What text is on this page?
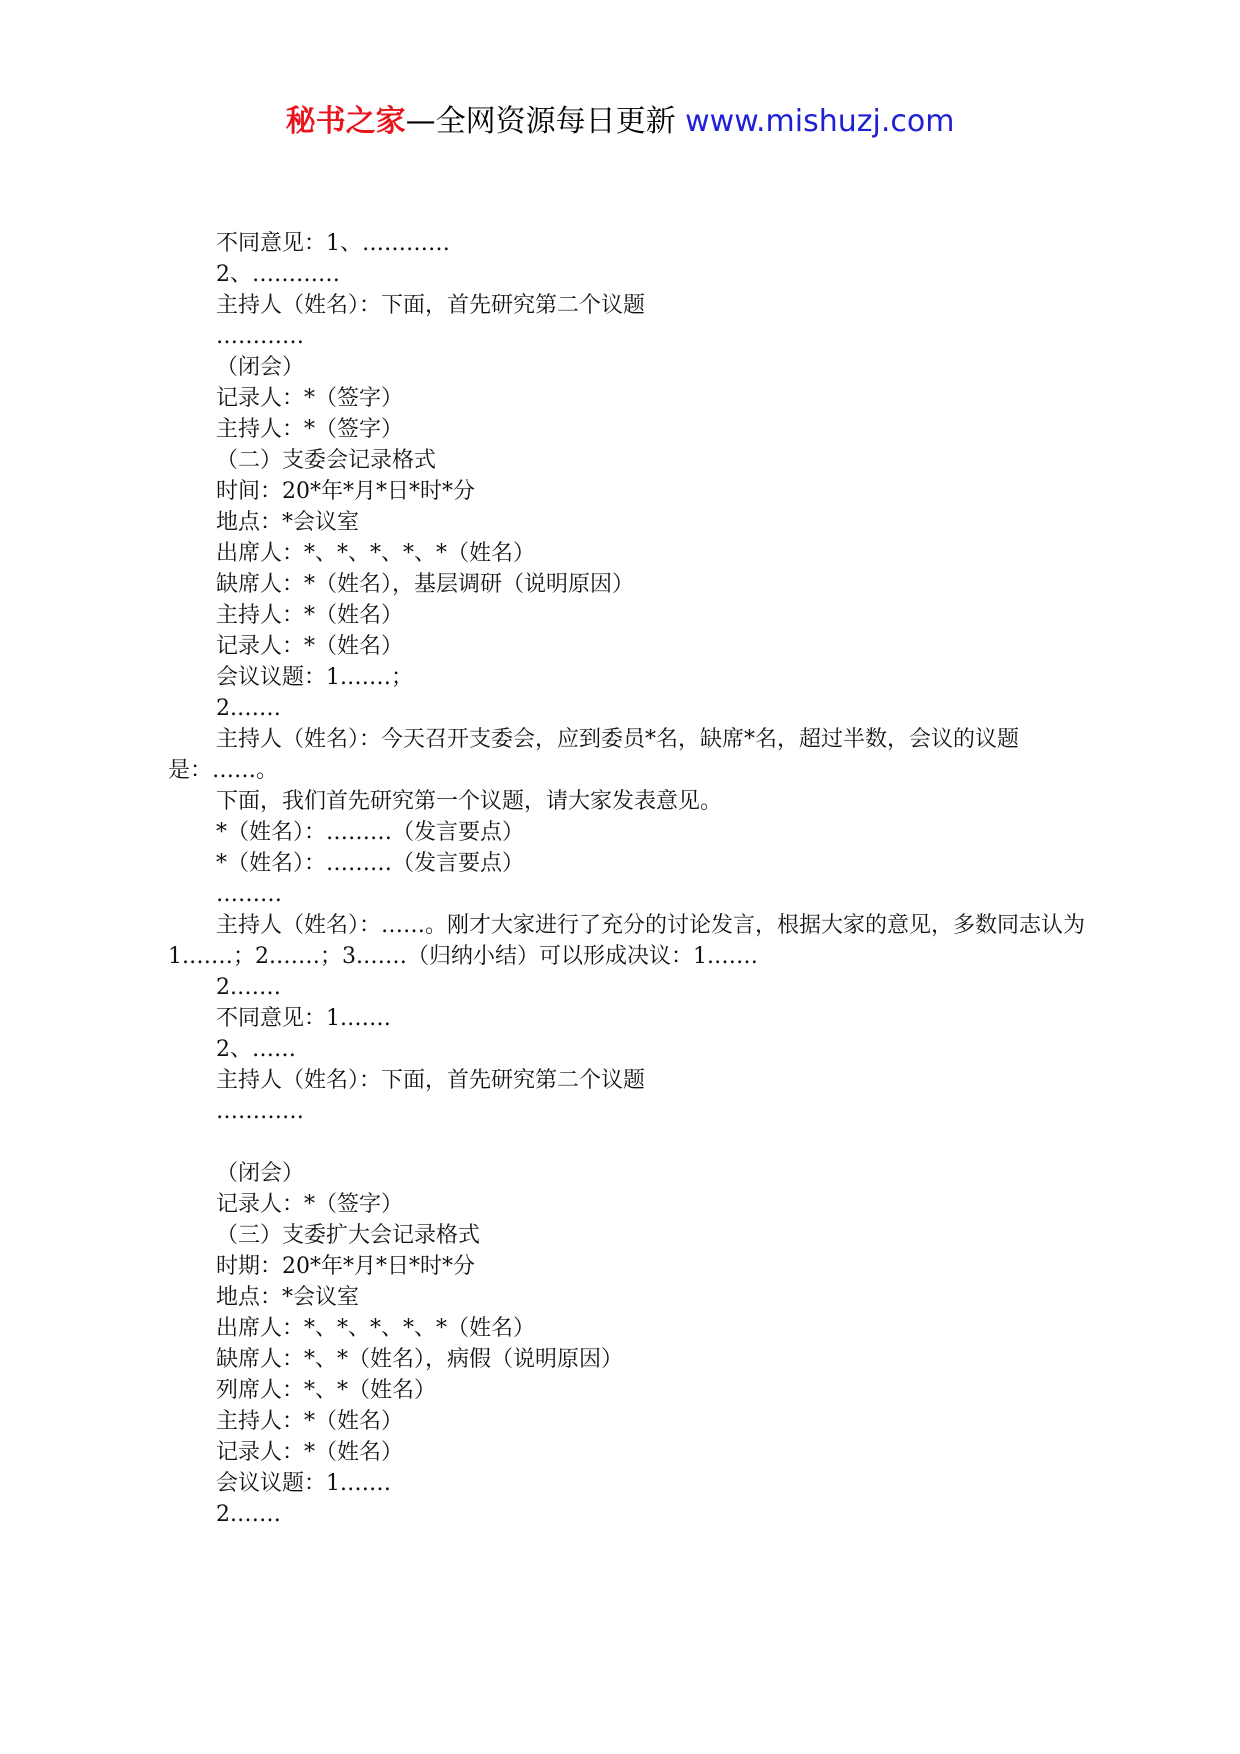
秘书之家—全网资源每日更新 www.mishuzj.com

不同意见：1、…………

2、…………

主持人（姓名）：下面，首先研究第二个议题

…………

（闭会）

记录人：*（签字）

主持人：*（签字）

（二）支委会记录格式

时间：20*年*月*日*时*分

地点：*会议室

出席人：*、*、*、*、*（姓名）

缺席人：*（姓名），基层调研（说明原因）

主持人：*（姓名）

记录人：*（姓名）

会议议题：1.……；

2.……

主持人（姓名）：今天召开支委会，应到委员*名，缺席*名，超过半数，会议的议题是：……。

下面，我们首先研究第一个议题，请大家发表意见。

*（姓名）：………（发言要点）

*（姓名）：………（发言要点）

………

主持人（姓名）：……。刚才大家进行了充分的讨论发言，根据大家的意见，多数同志认为1.……；2.……；3.……（归纳小结）可以形成决议：1.……

2.……

不同意见：1.……

2、……

主持人（姓名）：下面，首先研究第二个议题

…………

（闭会）

记录人：*（签字）

（三）支委扩大会记录格式

时期：20*年*月*日*时*分

地点：*会议室

出席人：*、*、*、*、*（姓名）

缺席人：*、*（姓名），病假（说明原因）

列席人：*、*（姓名）

主持人：*（姓名）

记录人：*（姓名）

会议议题：1.……

2.……
